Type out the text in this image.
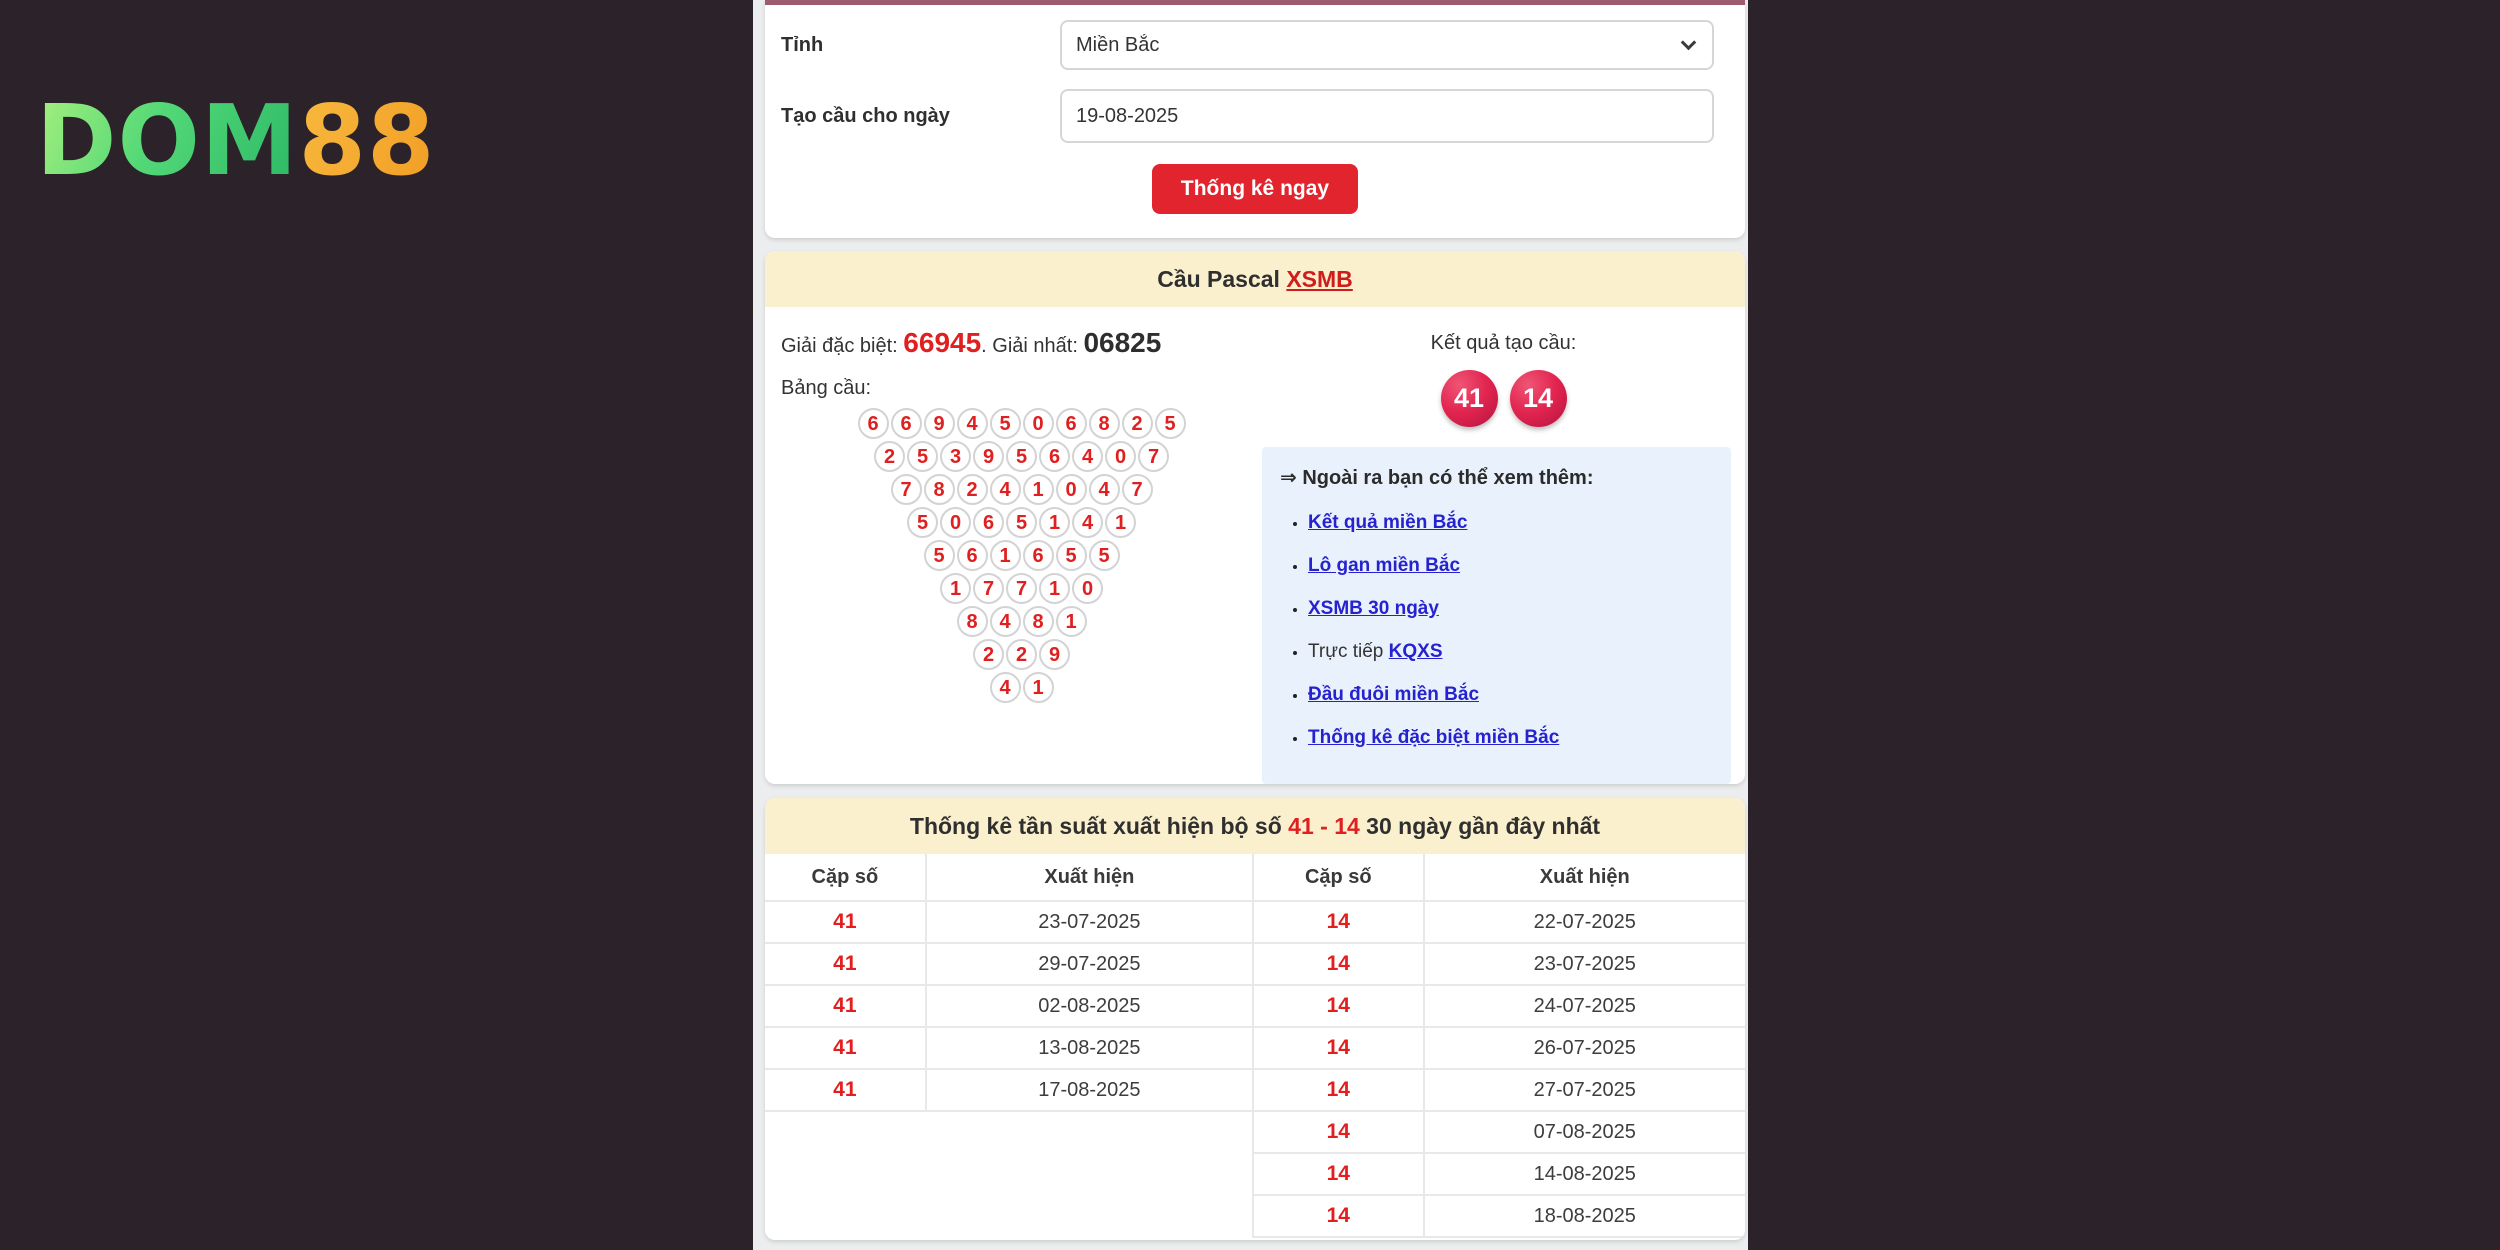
DOM88
Tỉnh
Miền Bắc
Tạo cầu cho ngày
19-08-2025
Thống kê ngay
Cầu Pascal XSMB

Giải đặc biệt: 66945. Giải nhất: 06825

Bảng cầu:

6	6	9	4	5	0	6	8	2	5
2	5	3	9	5	6	4	0	7
7	8	2	4	1	0	4	7
5	0	6	5	1	4	1
5	6	1	6	5	5
1	7	7	1	0
8	4	8	1
2	2	9
4	1

Kết quả tạo cầu:

41	14

⇒ Ngoài ra bạn có thể xem thêm:

• Kết quả miền Bắc
• Lô gan miền Bắc
• XSMB 30 ngày
• Trực tiếp KQXS
• Đầu đuôi miền Bắc
• Thống kê đặc biệt miền Bắc
Thống kê tần suất xuất hiện bộ số 41 - 14 30 ngày gần đây nhất
Cặp số	Xuất hiện	Cặp số	Xuất hiện
41	23-07-2025	14	22-07-2025
41	29-07-2025	14	23-07-2025
41	02-08-2025	14	24-07-2025
41	13-08-2025	14	26-07-2025
41	17-08-2025	14	27-07-2025
		14	07-08-2025
		14	14-08-2025
		14	18-08-2025
